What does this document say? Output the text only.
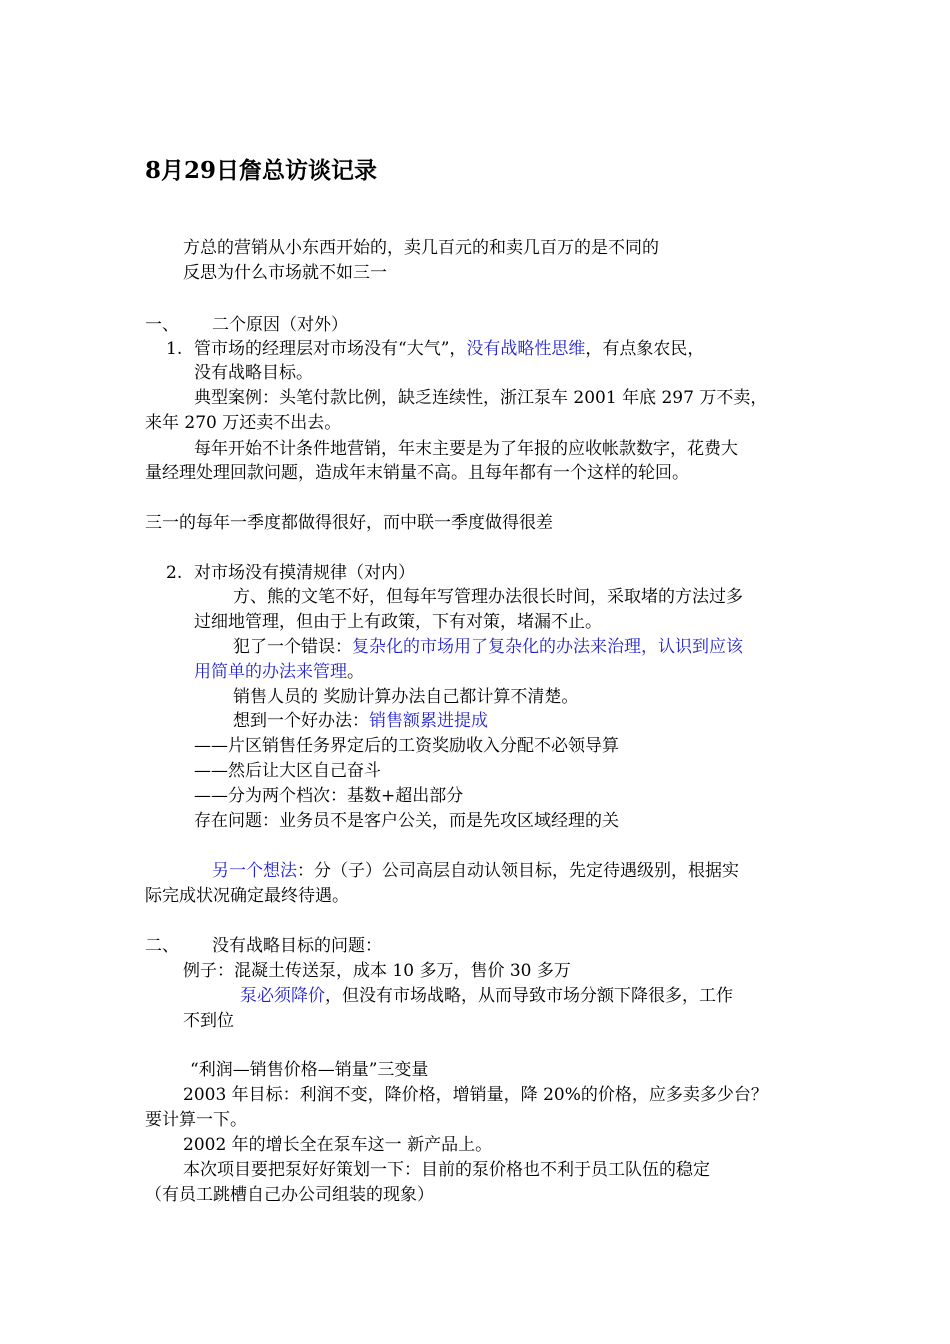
8月29日詹总访谈记录
方总的营销从小东西开始的，卖几百元的和卖几百万的是不同的
反思为什么市场就不如三一
一、 二个原因（对外）
1. 管市场的经理层对市场没有“大气”，没有战略性思维，有点象农民，
没有战略目标。
典型案例：头笔付款比例，缺乏连续性，浙江泵车 2001 年底 297 万不卖，
来年 270 万还卖不出去。
每年开始不计条件地营销，年末主要是为了年报的应收帐款数字，花费大
量经理处理回款问题，造成年末销量不高。且每年都有一个这样的轮回。
三一的每年一季度都做得很好，而中联一季度做得很差
2. 对市场没有摸清规律（对内）
方、熊的文笔不好，但每年写管理办法很长时间，采取堵的方法过多
过细地管理，但由于上有政策，下有对策，堵漏不止。
犯了一个错误：复杂化的市场用了复杂化的办法来治理，认识到应该
用简单的办法来管理。
销售人员的 奖励计算办法自己都计算不清楚。
想到一个好办法：销售额累进提成
——片区销售任务界定后的工资奖励收入分配不必领导算
——然后让大区自己奋斗
——分为两个档次：基数+超出部分
存在问题：业务员不是客户公关，而是先攻区域经理的关
另一个想法：分（子）公司高层自动认领目标，先定待遇级别，根据实
际完成状况确定最终待遇。
二、 没有战略目标的问题：
例子：混凝土传送泵，成本 10 多万，售价 30 多万
泵必须降价，但没有市场战略，从而导致市场分额下降很多，工作
不到位
“利润—销售价格—销量”三变量
2003 年目标：利润不变，降价格，增销量，降 20%的价格，应多卖多少台？
要计算一下。
2002 年的增长全在泵车这一 新产品上。
本次项目要把泵好好策划一下：目前的泵价格也不利于员工队伍的稳定
（有员工跳槽自己办公司组装的现象）
